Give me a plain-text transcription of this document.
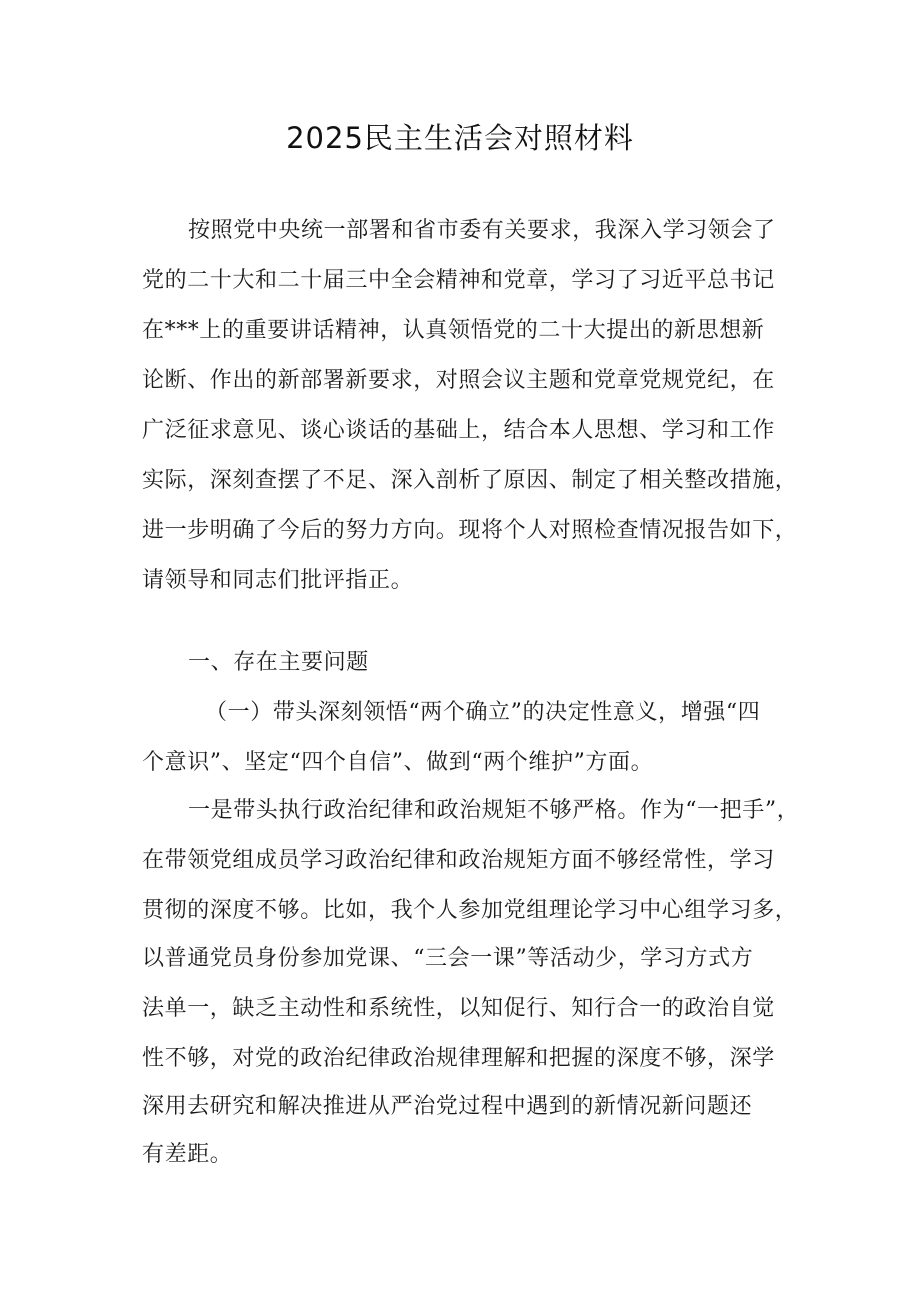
2025民主生活会对照材料

按照党中央统一部署和省市委有关要求，我深入学习领会了

党的二十大和二十届三中全会精神和党章，学习了习近平总书记

在***上的重要讲话精神，认真领悟党的二十大提出的新思想新

论断、作出的新部署新要求，对照会议主题和党章党规党纪，在

广泛征求意见、谈心谈话的基础上，结合本人思想、学习和工作

实际，深刻查摆了不足、深入剖析了原因、制定了相关整改措施，

进一步明确了今后的努力方向。现将个人对照检查情况报告如下，

请领导和同志们批评指正。

一、存在主要问题

（一）带头深刻领悟“两个确立”的决定性意义，增强“四

个意识”、坚定“四个自信”、做到“两个维护”方面。

一是带头执行政治纪律和政治规矩不够严格。作为“一把手”，

在带领党组成员学习政治纪律和政治规矩方面不够经常性，学习

贯彻的深度不够。比如，我个人参加党组理论学习中心组学习多，

以普通党员身份参加党课、“三会一课”等活动少，学习方式方

法单一，缺乏主动性和系统性，以知促行、知行合一的政治自觉

性不够，对党的政治纪律政治规律理解和把握的深度不够，深学

深用去研究和解决推进从严治党过程中遇到的新情况新问题还

有差距。
